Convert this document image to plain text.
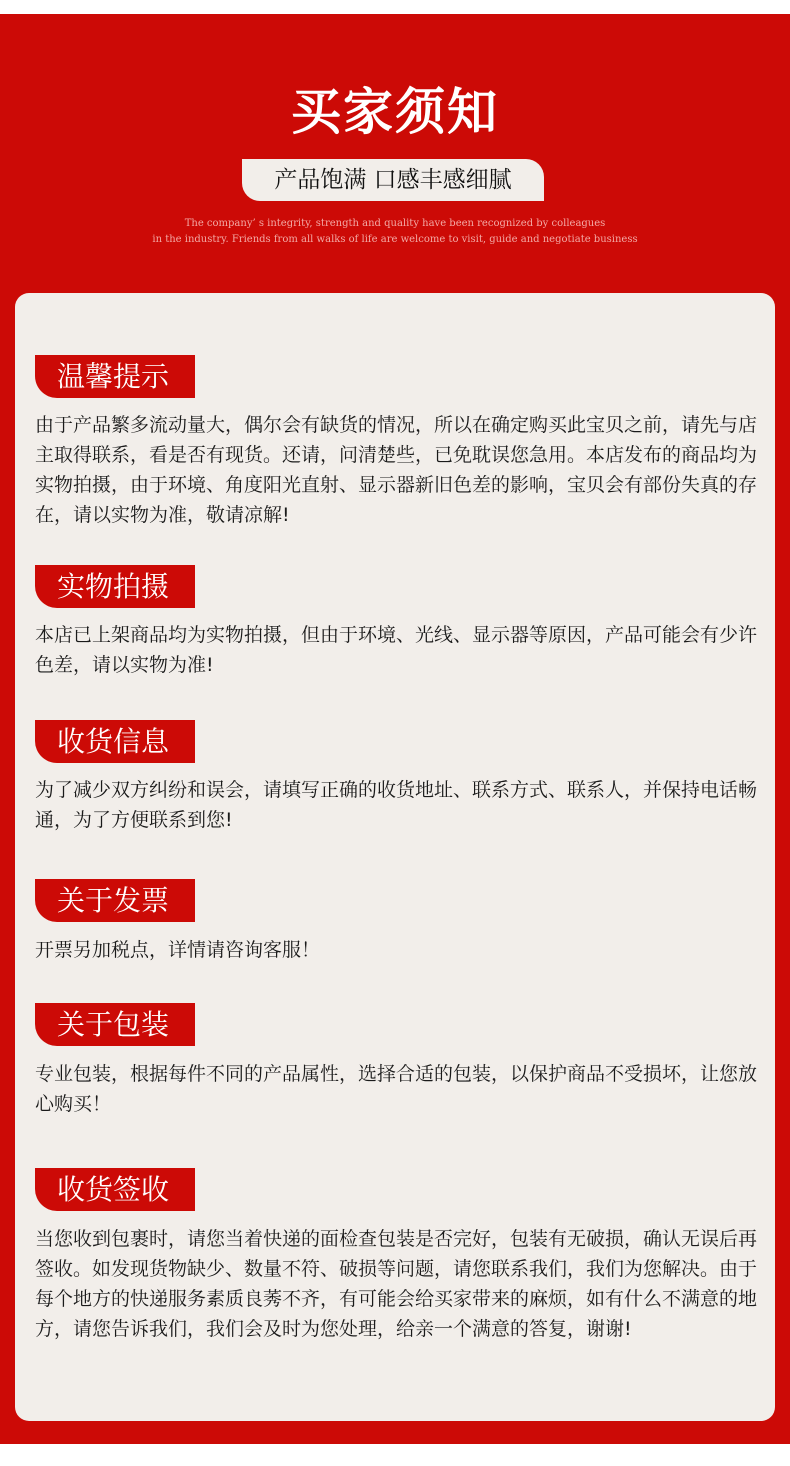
买家须知
产品饱满 口感丰感细腻
The company’ s integrity, strength and quality have been recognized by colleagues
in the industry. Friends from all walks of life are welcome to visit, guide and negotiate business
温馨提示
由于产品繁多流动量大，偶尔会有缺货的情况，所以在确定购买此宝贝之前，请先与店主取得联系，看是否有现货。还请，问清楚些，已免耽误您急用。本店发布的商品均为实物拍摄，由于环境、角度阳光直射、显示器新旧色差的影响，宝贝会有部份失真的存在，请以实物为准，敬请凉解!
实物拍摄
本店已上架商品均为实物拍摄，但由于环境、光线、显示器等原因，产品可能会有少许色差，请以实物为准!
收货信息
为了减少双方纠纷和误会，请填写正确的收货地址、联系方式、联系人，并保持电话畅通，为了方便联系到您!
关于发票
开票另加税点，详情请咨询客服！
关于包装
专业包装，根据每件不同的产品属性，选择合适的包装，以保护商品不受损坏，让您放心购买！
收货签收
当您收到包裹时，请您当着快递的面检查包装是否完好，包装有无破损，确认无误后再签收。如发现货物缺少、数量不符、破损等问题，请您联系我们，我们为您解决。由于每个地方的快递服务素质良莠不齐，有可能会给买家带来的麻烦，如有什么不满意的地方，请您告诉我们，我们会及时为您处理，给亲一个满意的答复，谢谢!
